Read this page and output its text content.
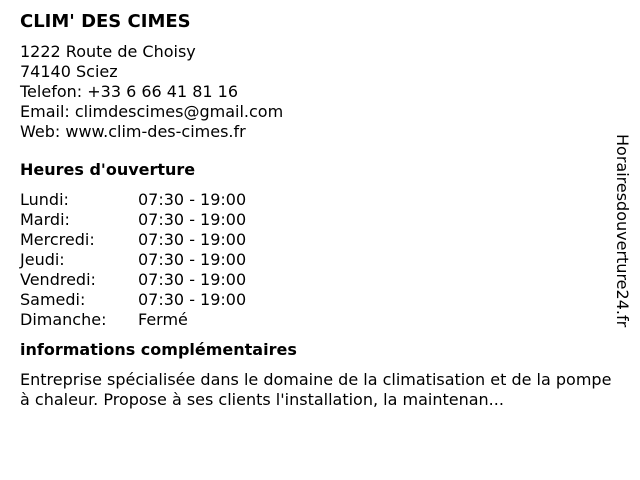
CLIM' DES CIMES
1222 Route de Choisy
74140 Sciez
Telefon: +33 6 66 41 81 16
Email: climdescimes@gmail.com
Web: www.clim-des-cimes.fr
Heures d'ouverture
Lundi:	07:30 - 19:00
Mardi:	07:30 - 19:00
Mercredi:	07:30 - 19:00
Jeudi:	07:30 - 19:00
Vendredi:	07:30 - 19:00
Samedi:	07:30 - 19:00
Dimanche:	Fermé
informations complémentaires
Entreprise spécialisée dans le domaine de la climatisation et de la pompe à chaleur. Propose à ses clients l'installation, la maintenan...
Horairesdouverture24.fr
